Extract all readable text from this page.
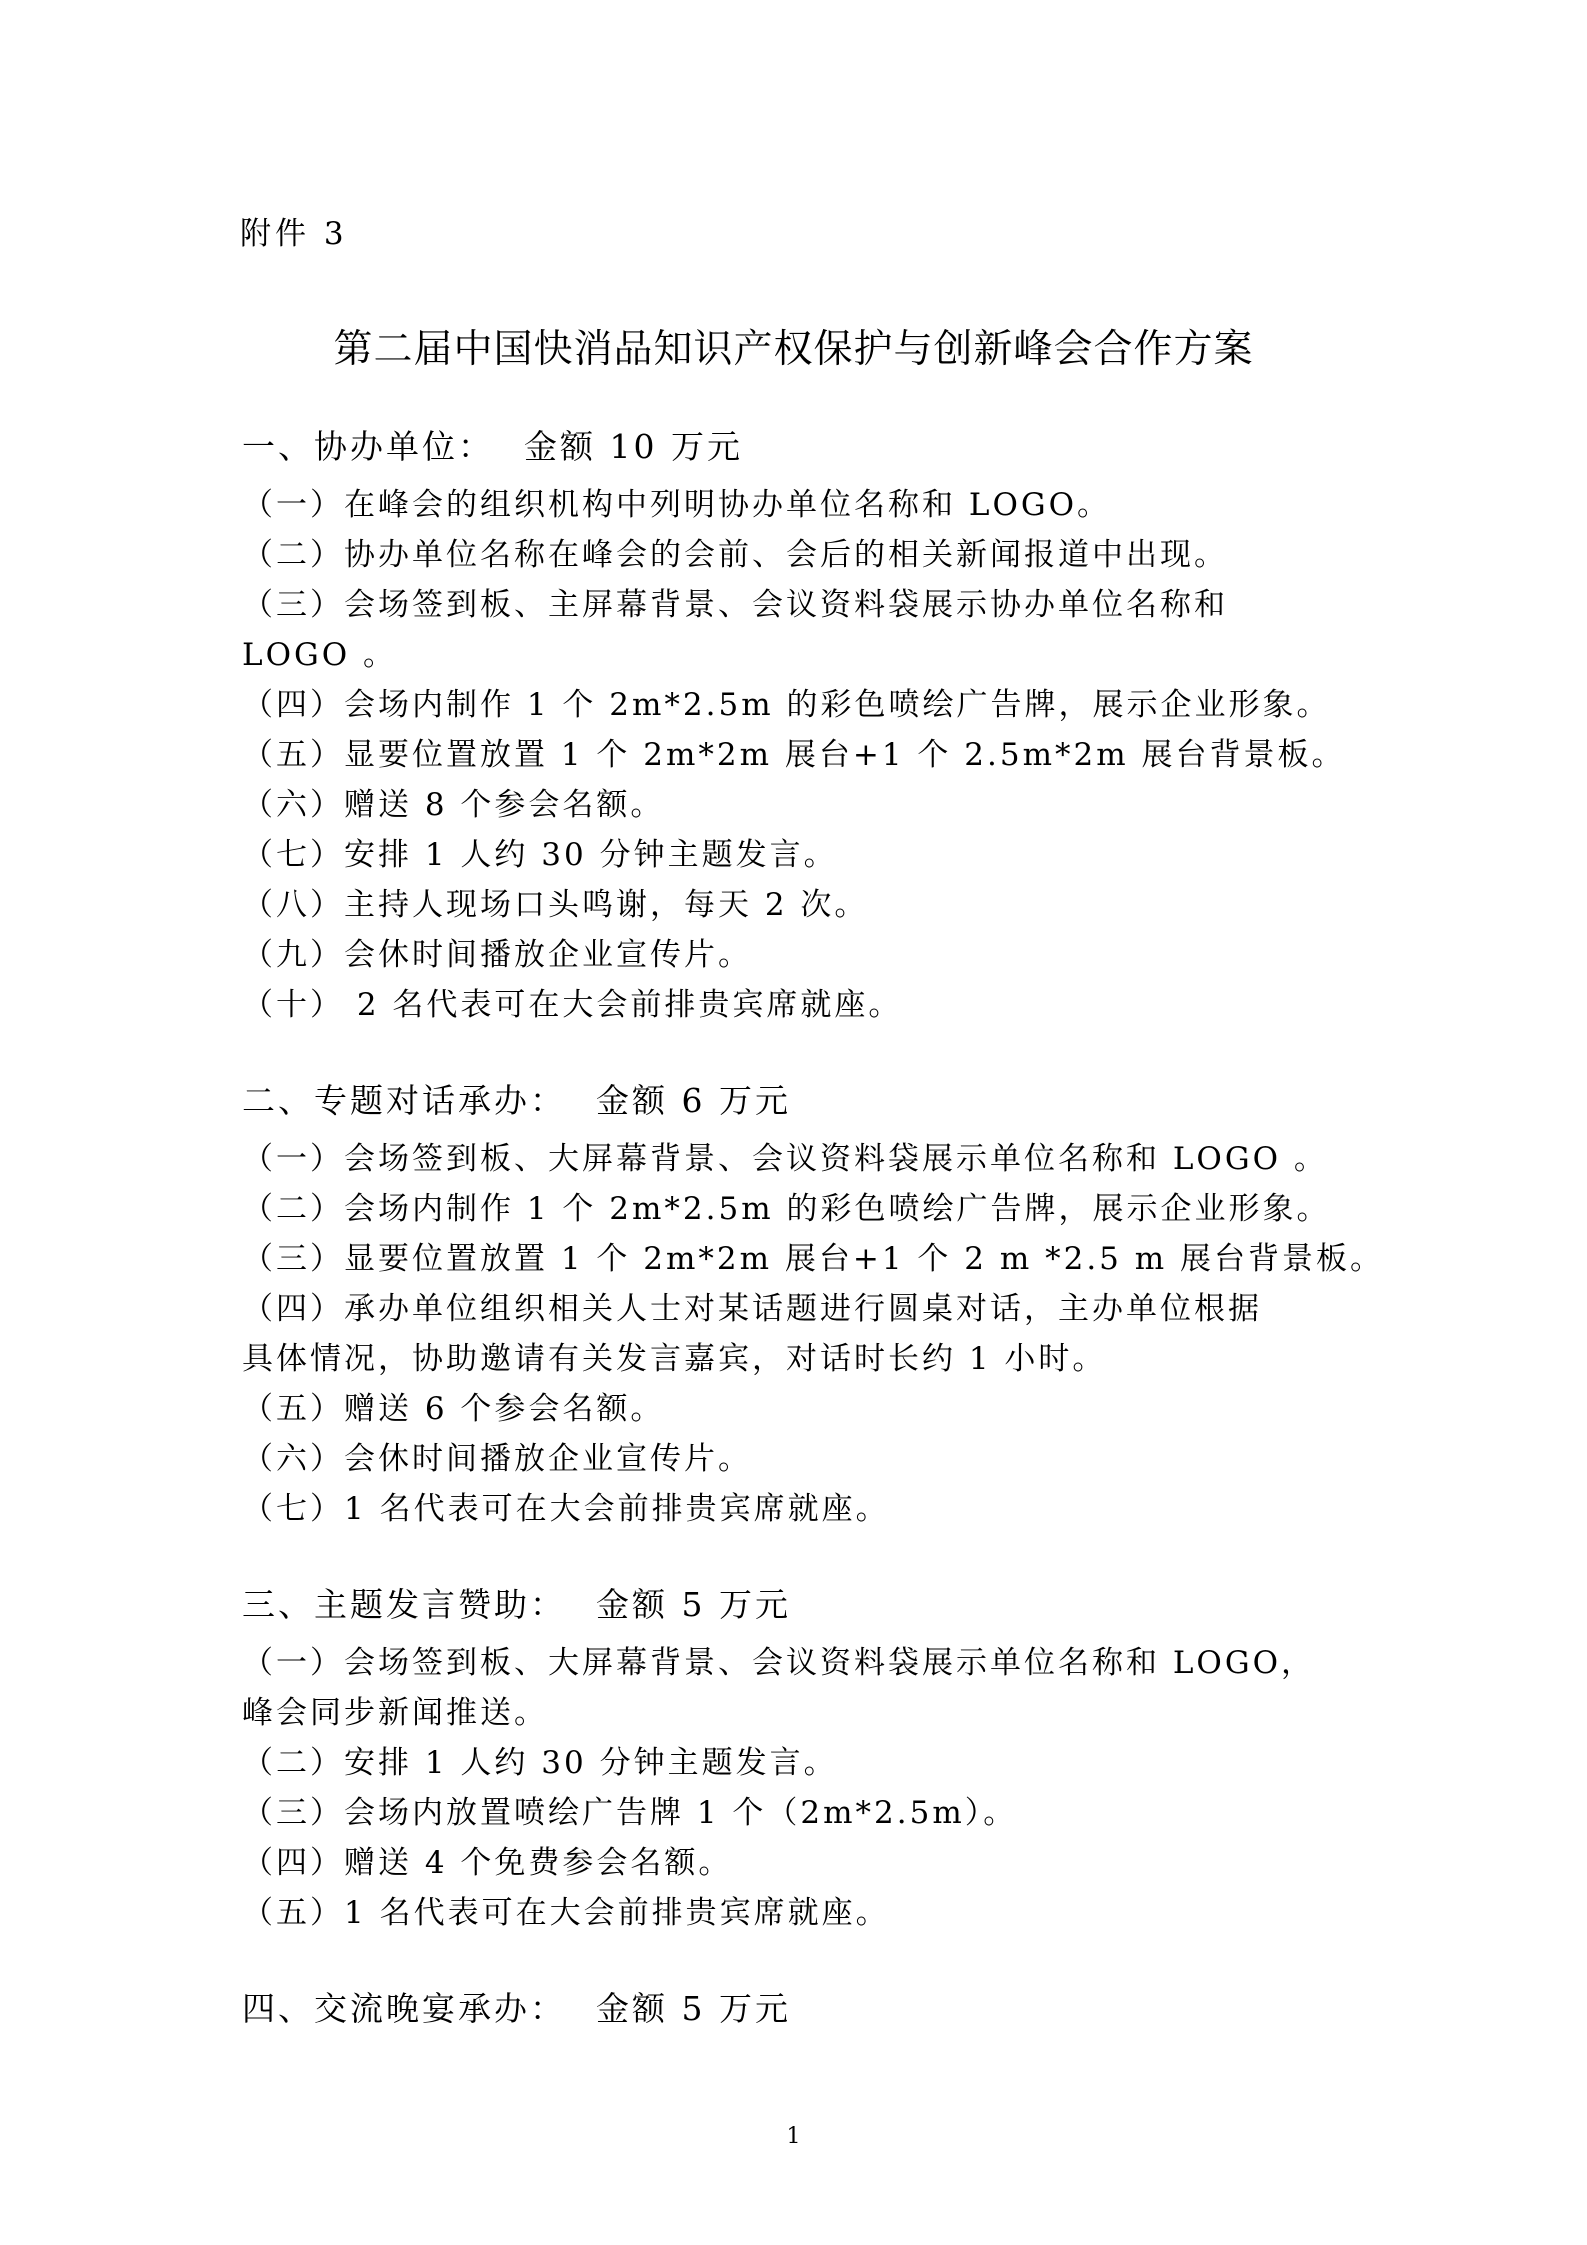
附件 3
第二届中国快消品知识产权保护与创新峰会合作方案
一、协办单位： 金额 10 万元
（一）在峰会的组织机构中列明协办单位名称和 LOGO。
（二）协办单位名称在峰会的会前、会后的相关新闻报道中出现。
（三）会场签到板、主屏幕背景、会议资料袋展示协办单位名称和
LOGO 。
（四）会场内制作 1 个 2m*2.5m 的彩色喷绘广告牌，展示企业形象。
（五）显要位置放置 1 个 2m*2m 展台+1 个 2.5m*2m 展台背景板。
（六）赠送 8 个参会名额。
（七）安排 1 人约 30 分钟主题发言。
（八）主持人现场口头鸣谢，每天 2 次。
（九）会休时间播放企业宣传片。
（十） 2 名代表可在大会前排贵宾席就座。
二、专题对话承办： 金额 6 万元
（一）会场签到板、大屏幕背景、会议资料袋展示单位名称和 LOGO 。
（二）会场内制作 1 个 2m*2.5m 的彩色喷绘广告牌，展示企业形象。
（三）显要位置放置 1 个 2m*2m 展台+1 个 2 m *2.5 m 展台背景板。
（四）承办单位组织相关人士对某话题进行圆桌对话，主办单位根据
具体情况，协助邀请有关发言嘉宾，对话时长约 1 小时。
（五）赠送 6 个参会名额。
（六）会休时间播放企业宣传片。
（七）1 名代表可在大会前排贵宾席就座。
三、主题发言赞助： 金额 5 万元
（一）会场签到板、大屏幕背景、会议资料袋展示单位名称和 LOGO，
峰会同步新闻推送。
（二）安排 1 人约 30 分钟主题发言。
（三）会场内放置喷绘广告牌 1 个（2m*2.5m）。
（四）赠送 4 个免费参会名额。
（五）1 名代表可在大会前排贵宾席就座。
四、交流晚宴承办： 金额 5 万元
1
